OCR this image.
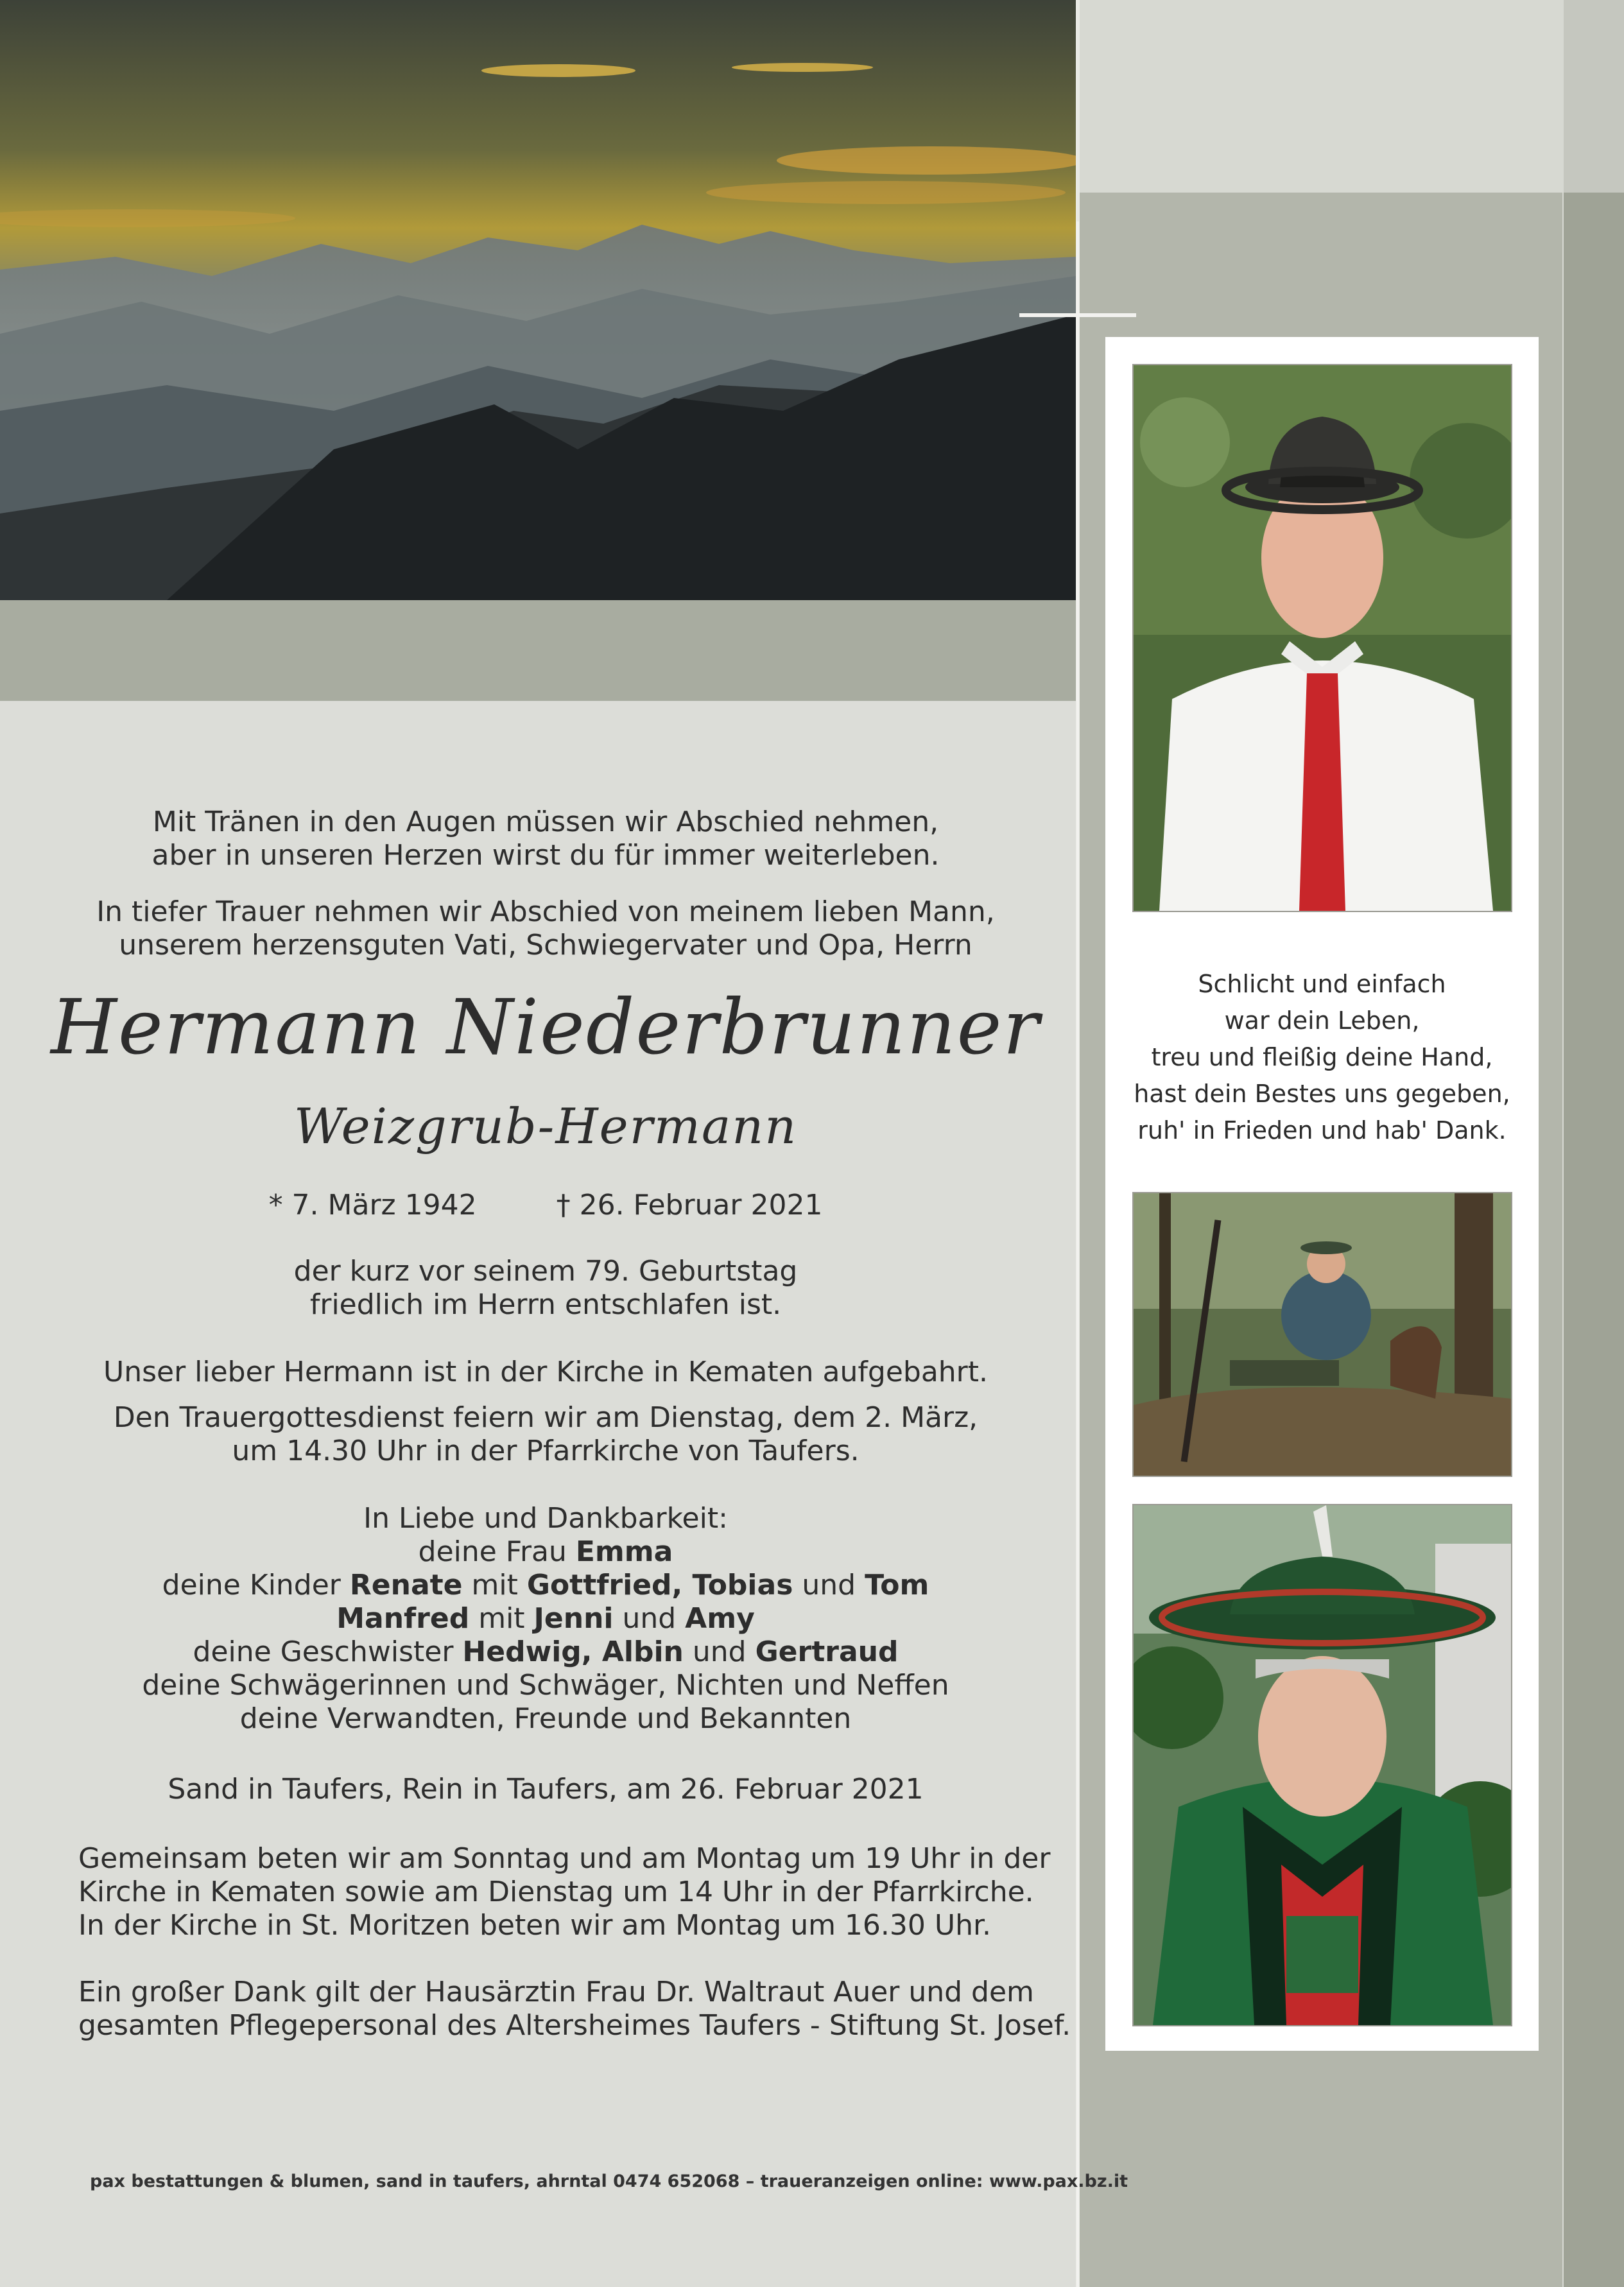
Mit Tränen in den Augen müssen wir Abschied nehmen,
aber in unseren Herzen wirst du für immer weiterleben.
In tiefer Trauer nehmen wir Abschied von meinem lieben Mann,
unserem herzensguten Vati, Schwiegervater und Opa, Herrn
Hermann Niederbrunner
Weizgrub-Hermann
* 7. März 1942	† 26. Februar 2021
der kurz vor seinem 79. Geburtstag
friedlich im Herrn entschlafen ist.
Unser lieber Hermann ist in der Kirche in Kematen aufgebahrt.
Den Trauergottesdienst feiern wir am Dienstag, dem 2. März,
um 14.30 Uhr in der Pfarrkirche von Taufers.
In Liebe und Dankbarkeit:
deine Frau Emma
deine Kinder Renate mit Gottfried, Tobias und Tom
Manfred mit Jenni und Amy
deine Geschwister Hedwig, Albin und Gertraud
deine Schwägerinnen und Schwäger, Nichten und Neffen
deine Verwandten, Freunde und Bekannten
Sand in Taufers, Rein in Taufers, am 26. Februar 2021
Gemeinsam beten wir am Sonntag und am Montag um 19 Uhr in der
Kirche in Kematen sowie am Dienstag um 14 Uhr in der Pfarrkirche.
In der Kirche in St. Moritzen beten wir am Montag um 16.30 Uhr.
Ein großer Dank gilt der Hausärztin Frau Dr. Waltraut Auer und dem
gesamten Pflegepersonal des Altersheimes Taufers - Stiftung St. Josef.
pax bestattungen & blumen, sand in taufers, ahrntal 0474 652068 – traueranzeigen online: www.pax.bz.it
Schlicht und einfach
war dein Leben,
treu und fleißig deine Hand,
hast dein Bestes uns gegeben,
ruh' in Frieden und hab' Dank.
